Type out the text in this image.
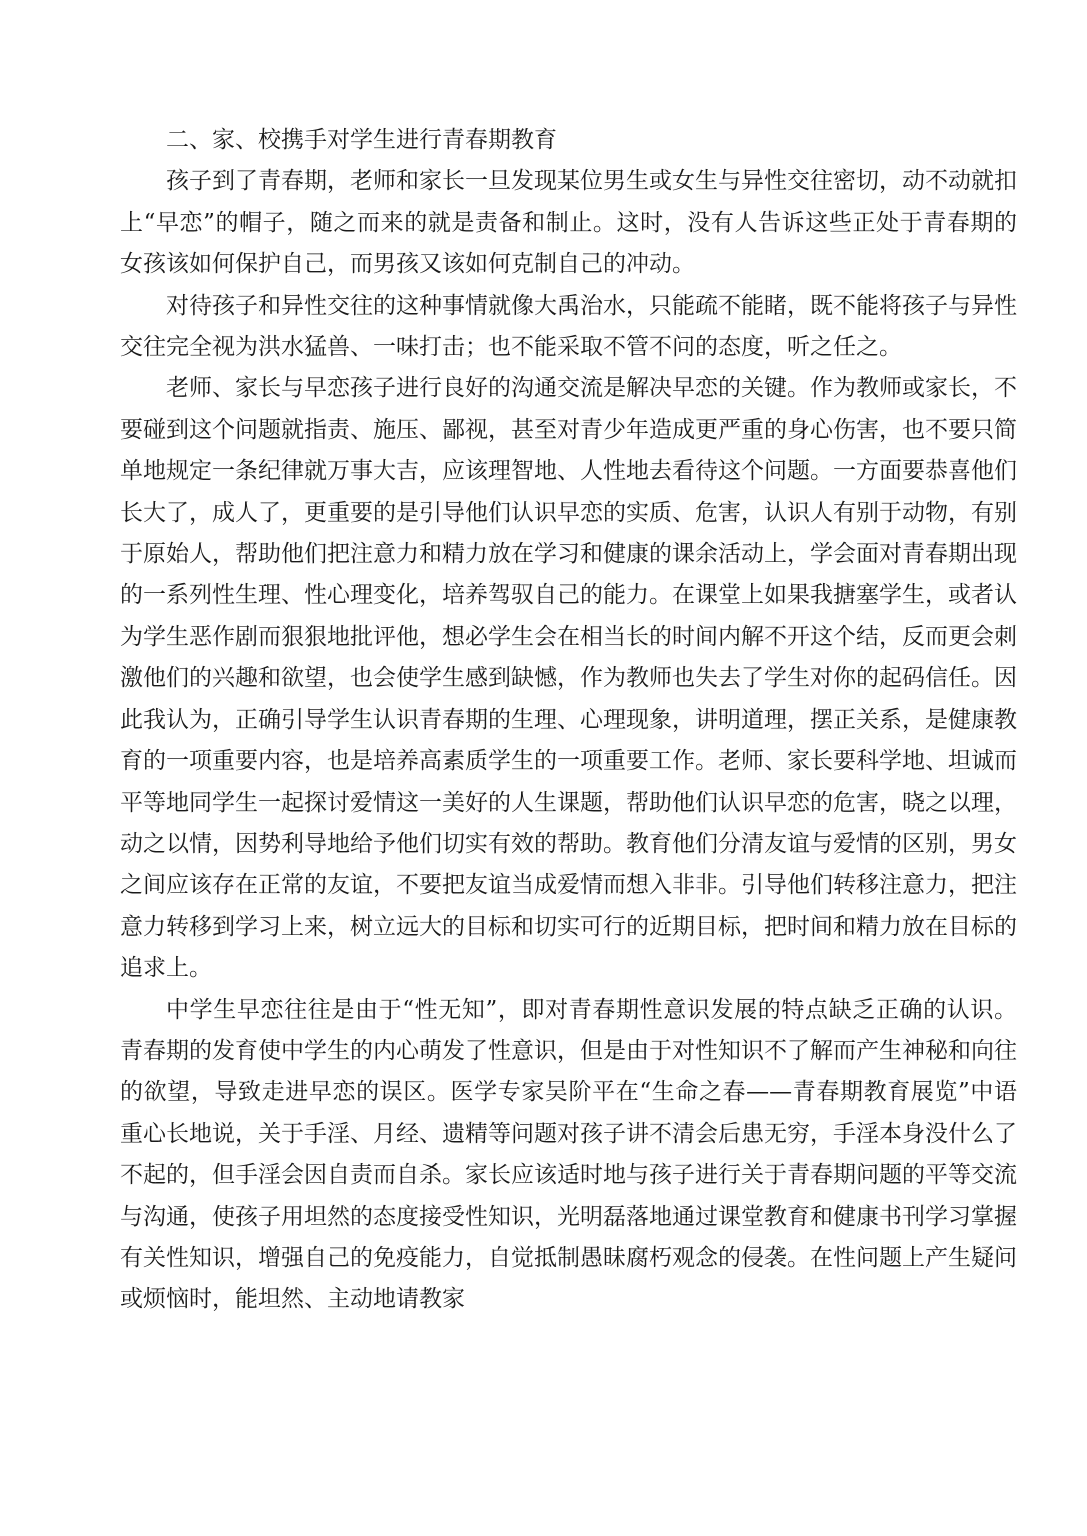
二、家、校携手对学生进行青春期教育

孩子到了青春期，老师和家长一旦发现某位男生或女生与异性交往密切，动不动就扣上“早恋”的帽子，随之而来的就是责备和制止。这时，没有人告诉这些正处于青春期的女孩该如何保护自己，而男孩又该如何克制自己的冲动。

对待孩子和异性交往的这种事情就像大禹治水，只能疏不能睹，既不能将孩子与异性交往完全视为洪水猛兽、一味打击；也不能采取不管不问的态度，听之任之。

老师、家长与早恋孩子进行良好的沟通交流是解决早恋的关键。作为教师或家长，不要碰到这个问题就指责、施压、鄙视，甚至对青少年造成更严重的身心伤害，也不要只简单地规定一条纪律就万事大吉，应该理智地、人性地去看待这个问题。一方面要恭喜他们长大了，成人了，更重要的是引导他们认识早恋的实质、危害，认识人有别于动物，有别于原始人，帮助他们把注意力和精力放在学习和健康的课余活动上，学会面对青春期出现的一系列性生理、性心理变化，培养驾驭自己的能力。在课堂上如果我搪塞学生，或者认为学生恶作剧而狠狠地批评他，想必学生会在相当长的时间内解不开这个结，反而更会刺激他们的兴趣和欲望，也会使学生感到缺憾，作为教师也失去了学生对你的起码信任。因此我认为，正确引导学生认识青春期的生理、心理现象，讲明道理，摆正关系，是健康教育的一项重要内容，也是培养高素质学生的一项重要工作。老师、家长要科学地、坦诚而平等地同学生一起探讨爱情这一美好的人生课题，帮助他们认识早恋的危害，晓之以理，动之以情，因势利导地给予他们切实有效的帮助。教育他们分清友谊与爱情的区别，男女之间应该存在正常的友谊，不要把友谊当成爱情而想入非非。引导他们转移注意力，把注意力转移到学习上来，树立远大的目标和切实可行的近期目标，把时间和精力放在目标的追求上。

中学生早恋往往是由于“性无知”，即对青春期性意识发展的特点缺乏正确的认识。青春期的发育使中学生的内心萌发了性意识，但是由于对性知识不了解而产生神秘和向往的欲望，导致走进早恋的误区。医学专家吴阶平在“生命之春——青春期教育展览”中语重心长地说，关于手淫、月经、遗精等问题对孩子讲不清会后患无穷，手淫本身没什么了不起的，但手淫会因自责而自杀。家长应该适时地与孩子进行关于青春期问题的平等交流与沟通，使孩子用坦然的态度接受性知识，光明磊落地通过课堂教育和健康书刊学习掌握有关性知识，增强自己的免疫能力，自觉抵制愚昧腐朽观念的侵袭。在性问题上产生疑问或烦恼时，能坦然、主动地请教家
